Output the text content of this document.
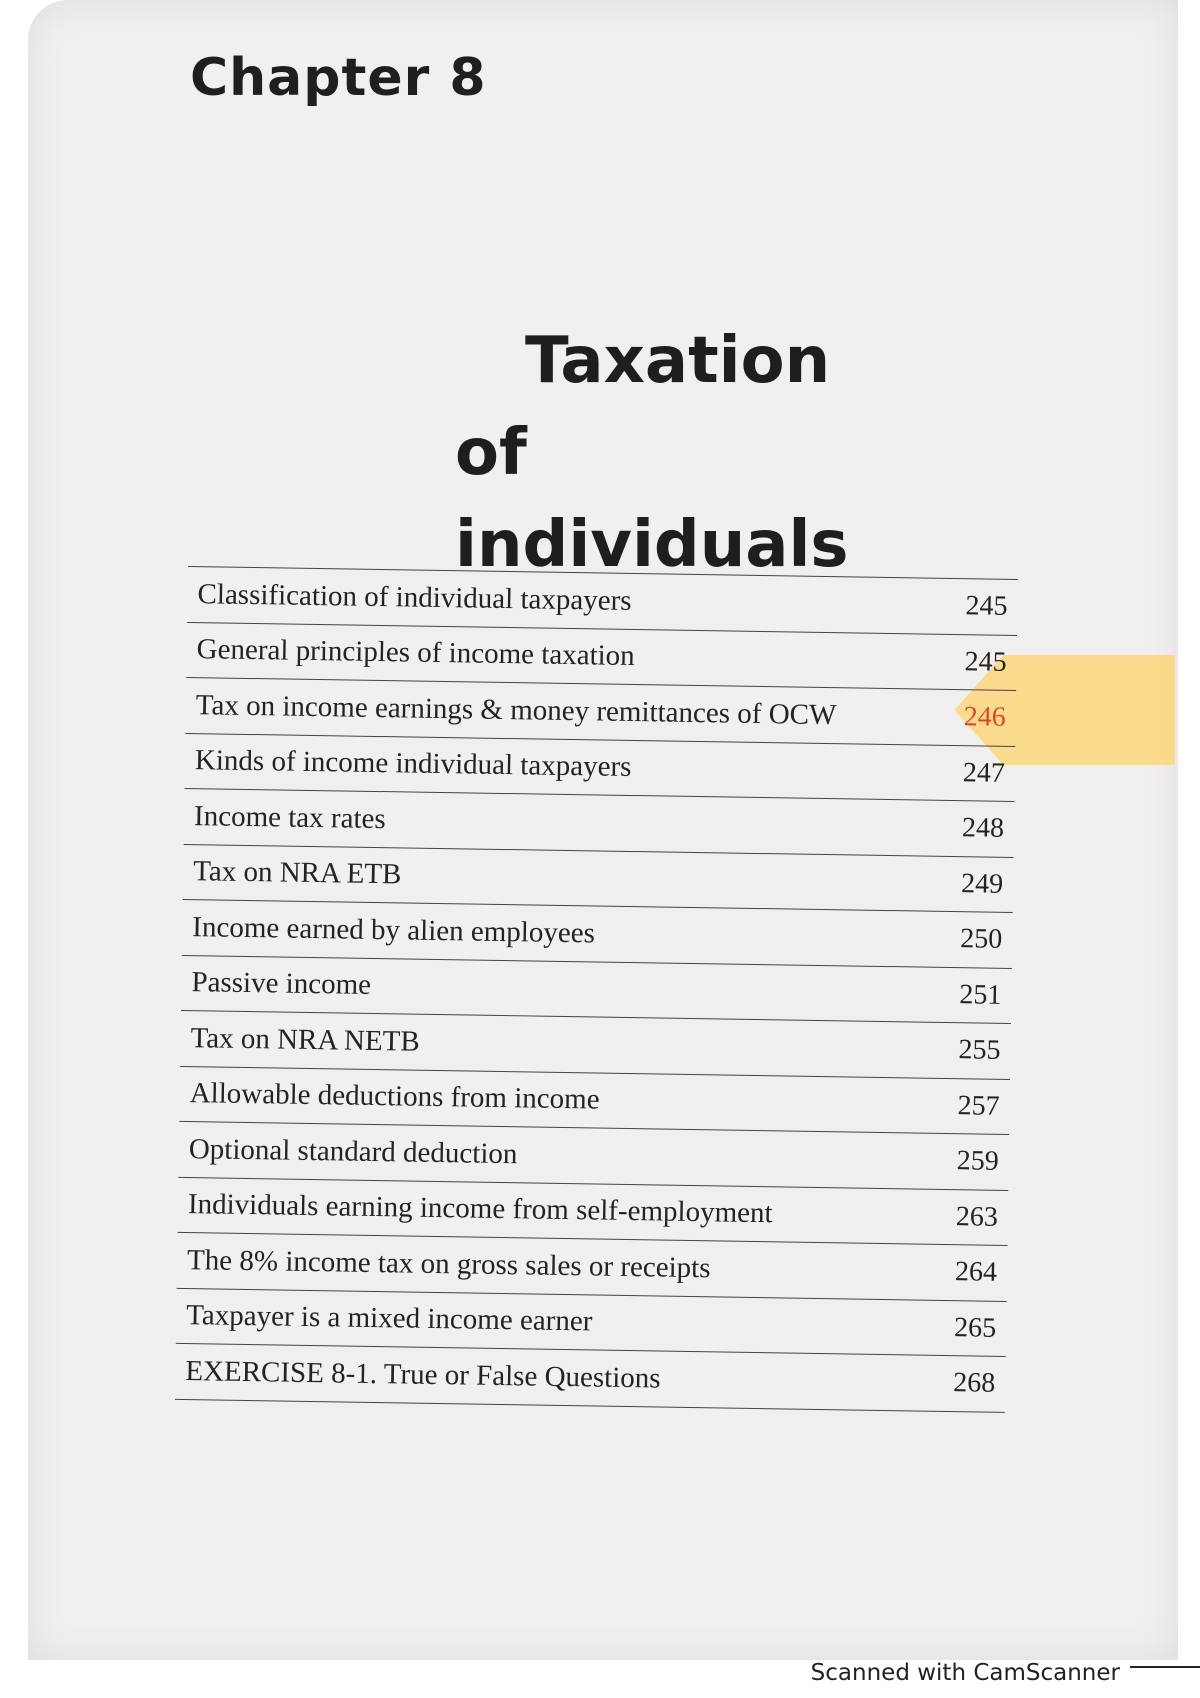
Chapter 8
Taxation
of individuals
Classification of individual taxpayers	245
General principles of income taxation	245
Tax on income earnings & money remittances of OCW	246
Kinds of income individual taxpayers	247
Income tax rates	248
Tax on NRA ETB	249
Income earned by alien employees	250
Passive income	251
Tax on NRA NETB	255
Allowable deductions from income	257
Optional standard deduction	259
Individuals earning income from self-employment	263
The 8% income tax on gross sales or receipts	264
Taxpayer is a mixed income earner	265
EXERCISE 8-1. True or False Questions	268
Scanned with CamScanner
